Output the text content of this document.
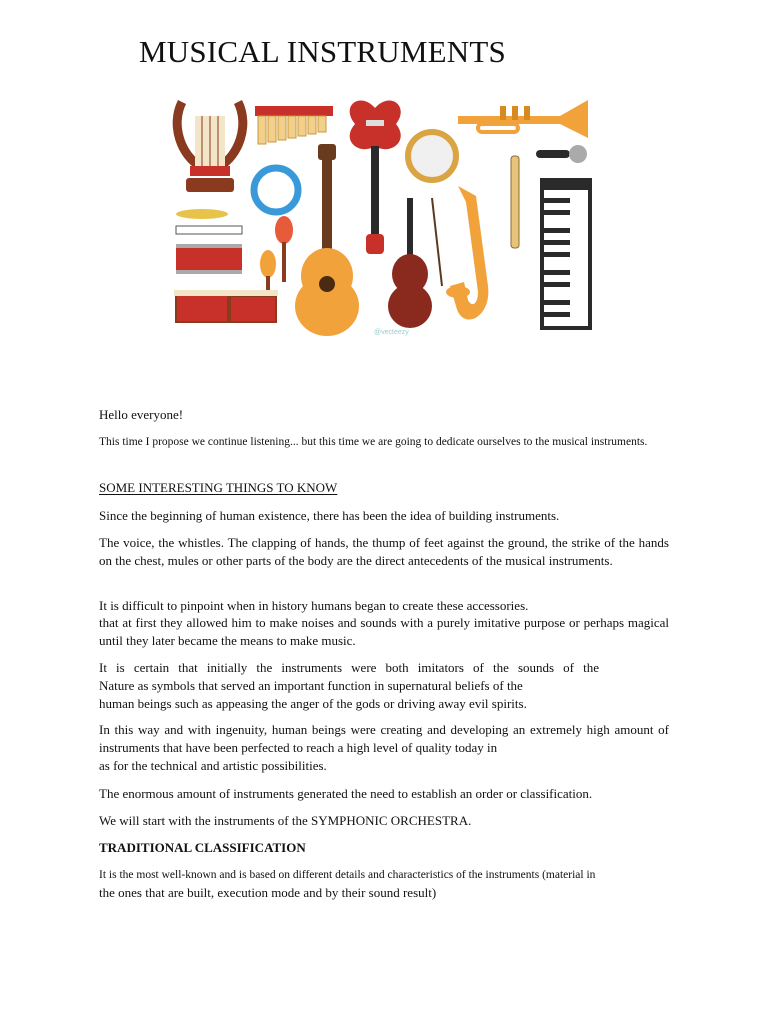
MUSICAL INSTRUMENTS
@vecteezy

Hello everyone!

This time I propose we continue listening... but this time we are going to dedicate ourselves to the musical instruments.

SOME INTERESTING THINGS TO KNOW

Since the beginning of human existence, there has been the idea of building instruments.

The voice, the whistles. The clapping of hands, the thump of feet against the ground, the strike of the hands on the chest, mules or other parts of the body are the direct antecedents of the musical instruments.

It is difficult to pinpoint when in history humans began to create these accessories.

that at first they allowed him to make noises and sounds with a purely imitative purpose or perhaps magical until they later became the means to make music.

It is certain that initially the instruments were both imitators of the sounds of the

Nature as symbols that served an important function in supernatural beliefs of the

human beings such as appeasing the anger of the gods or driving away evil spirits.

In this way and with ingenuity, human beings were creating and developing an extremely high amount of instruments that have been perfected to reach a high level of quality today in

as for the technical and artistic possibilities.

The enormous amount of instruments generated the need to establish an order or classification.

We will start with the instruments of the SYMPHONIC ORCHESTRA.

TRADITIONAL CLASSIFICATION

It is the most well-known and is based on different details and characteristics of the instruments (material in

the ones that are built, execution mode and by their sound result)
